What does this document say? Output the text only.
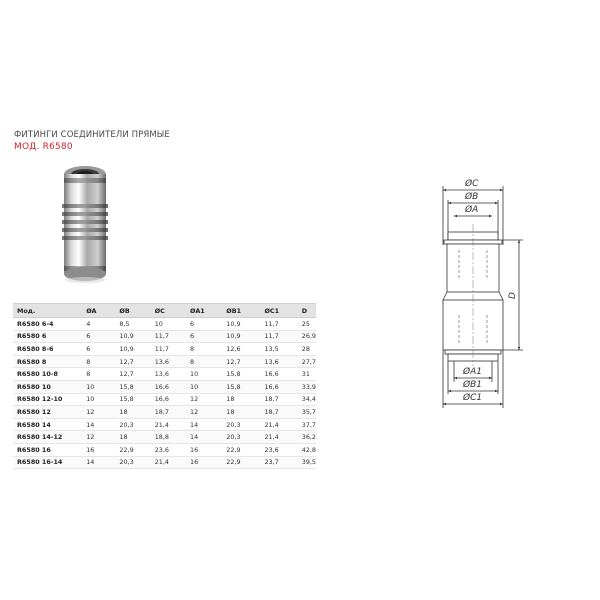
ФИТИНГИ СОЕДИНИТЕЛИ ПРЯМЫЕ
МОД. R6580
Мод.	ØA	ØB	ØC	ØA1	ØB1	ØC1	D
R6580 6-4	4	8,5	10	6	10,9	11,7	25
R6580 6	6	10,9	11,7	6	10,9	11,7	26,9
R6580 8-6	6	10,9	11,7	8	12,6	13,5	28
R6580 8	8	12,7	13,6	8	12,7	13,6	27,7
R6580 10-8	8	12,7	13,6	10	15,8	16,6	31
R6580 10	10	15,8	16,6	10	15,8	16,6	33,9
R6580 12-10	10	15,8	16,6	12	18	18,7	34,4
R6580 12	12	18	18,7	12	18	18,7	35,7
R6580 14	14	20,3	21,4	14	20,3	21,4	37,7
R6580 14-12	12	18	18,8	14	20,3	21,4	36,2
R6580 16	16	22,9	23,6	16	22,9	23,6	42,8
R6580 16-14	14	20,3	21,4	16	22,9	23,7	39,5
ØC
ØB
ØA
D
ØA1
ØB1
ØC1
